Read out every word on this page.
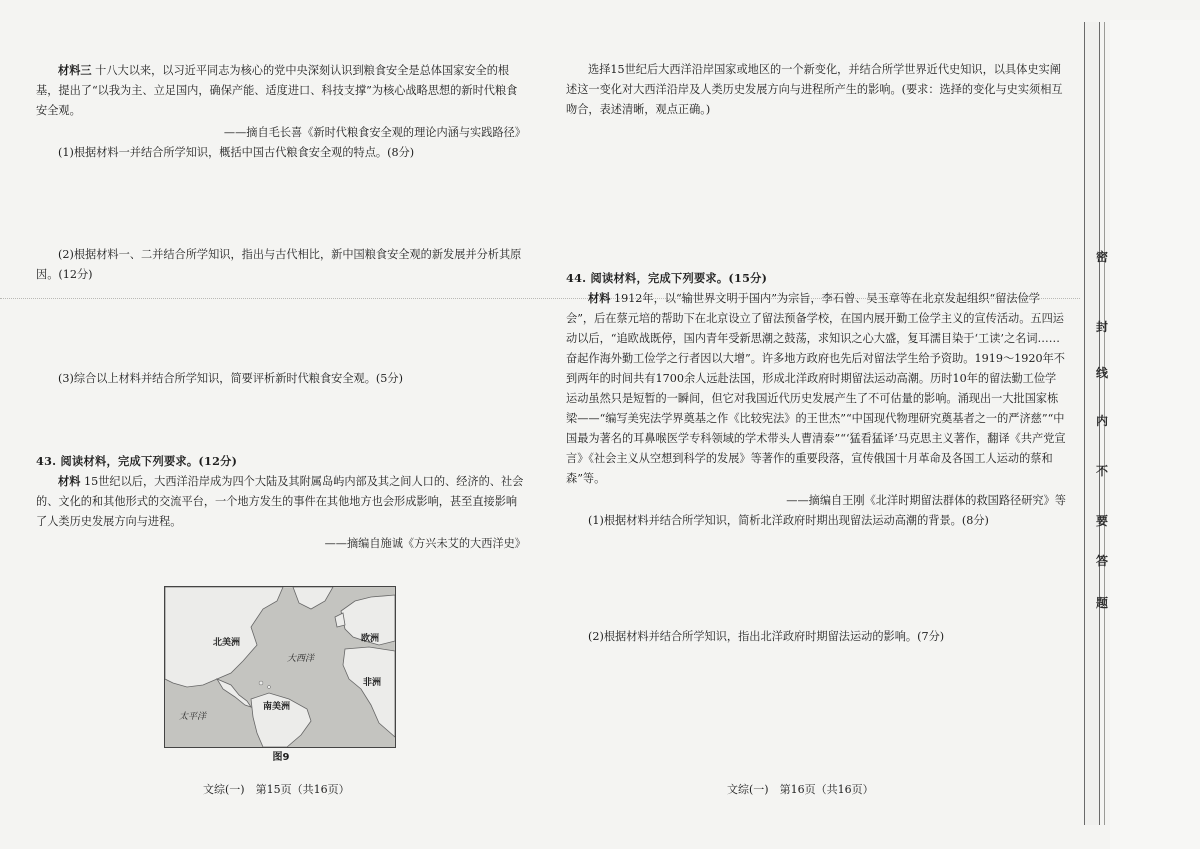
材料三 十八大以来，以习近平同志为核心的党中央深刻认识到粮食安全是总体国家安全的根基，提出了“以我为主、立足国内，确保产能、适度进口、科技支撑”为核心战略思想的新时代粮食安全观。

——摘自毛长喜《新时代粮食安全观的理论内涵与实践路径》

(1)根据材料一并结合所学知识，概括中国古代粮食安全观的特点。(8分)

(2)根据材料一、二并结合所学知识，指出与古代相比，新中国粮食安全观的新发展并分析其原因。(12分)

(3)综合以上材料并结合所学知识，简要评析新时代粮食安全观。(5分)

43. 阅读材料，完成下列要求。(12分)

材料 15世纪以后，大西洋沿岸成为四个大陆及其附属岛屿内部及其之间人口的、经济的、社会的、文化的和其他形式的交流平台，一个地方发生的事件在其他地方也会形成影响，甚至直接影响了人类历史发展方向与进程。

——摘编自施诚《方兴未艾的大西洋史》

北美洲	欧洲
大西洋
非洲
南美洲
太平洋
图9
文综(一)　第15页（共16页）

选择15世纪后大西洋沿岸国家或地区的一个新变化，并结合所学世界近代史知识，以具体史实阐述这一变化对大西洋沿岸及人类历史发展方向与进程所产生的影响。(要求：选择的变化与史实须相互吻合，表述清晰，观点正确。)

44. 阅读材料，完成下列要求。(15分)

材料 1912年，以“输世界文明于国内”为宗旨，李石曾、吴玉章等在北京发起组织“留法俭学会”，后在蔡元培的帮助下在北京设立了留法预备学校，在国内展开勤工俭学主义的宣传活动。五四运动以后，“追欧战既停，国内青年受新思潮之鼓荡，求知识之心大盛，复耳濡目染于‘工读’之名词……奋起作海外勤工俭学之行者因以大增”。许多地方政府也先后对留法学生给予资助。1919～1920年不到两年的时间共有1700余人远赴法国，形成北洋政府时期留法运动高潮。历时10年的留法勤工俭学运动虽然只是短暂的一瞬间，但它对我国近代历史发展产生了不可估量的影响。涌现出一大批国家栋梁——“编写美宪法学界奠基之作《比较宪法》的王世杰”“中国现代物理研究奠基者之一的严济慈”“中国最为著名的耳鼻喉医学专科领域的学术带头人曹清泰”“‘猛看猛译’马克思主义著作，翻译《共产党宣言》《社会主义从空想到科学的发展》等著作的重要段落，宣传俄国十月革命及各国工人运动的蔡和森”等。

——摘编自王刚《北洋时期留法群体的救国路径研究》等

(1)根据材料并结合所学知识，简析北洋政府时期出现留法运动高潮的背景。(8分)

(2)根据材料并结合所学知识，指出北洋政府时期留法运动的影响。(7分)

文综(一)　第16页（共16页）
密
封
线
内
不
要
答
题
